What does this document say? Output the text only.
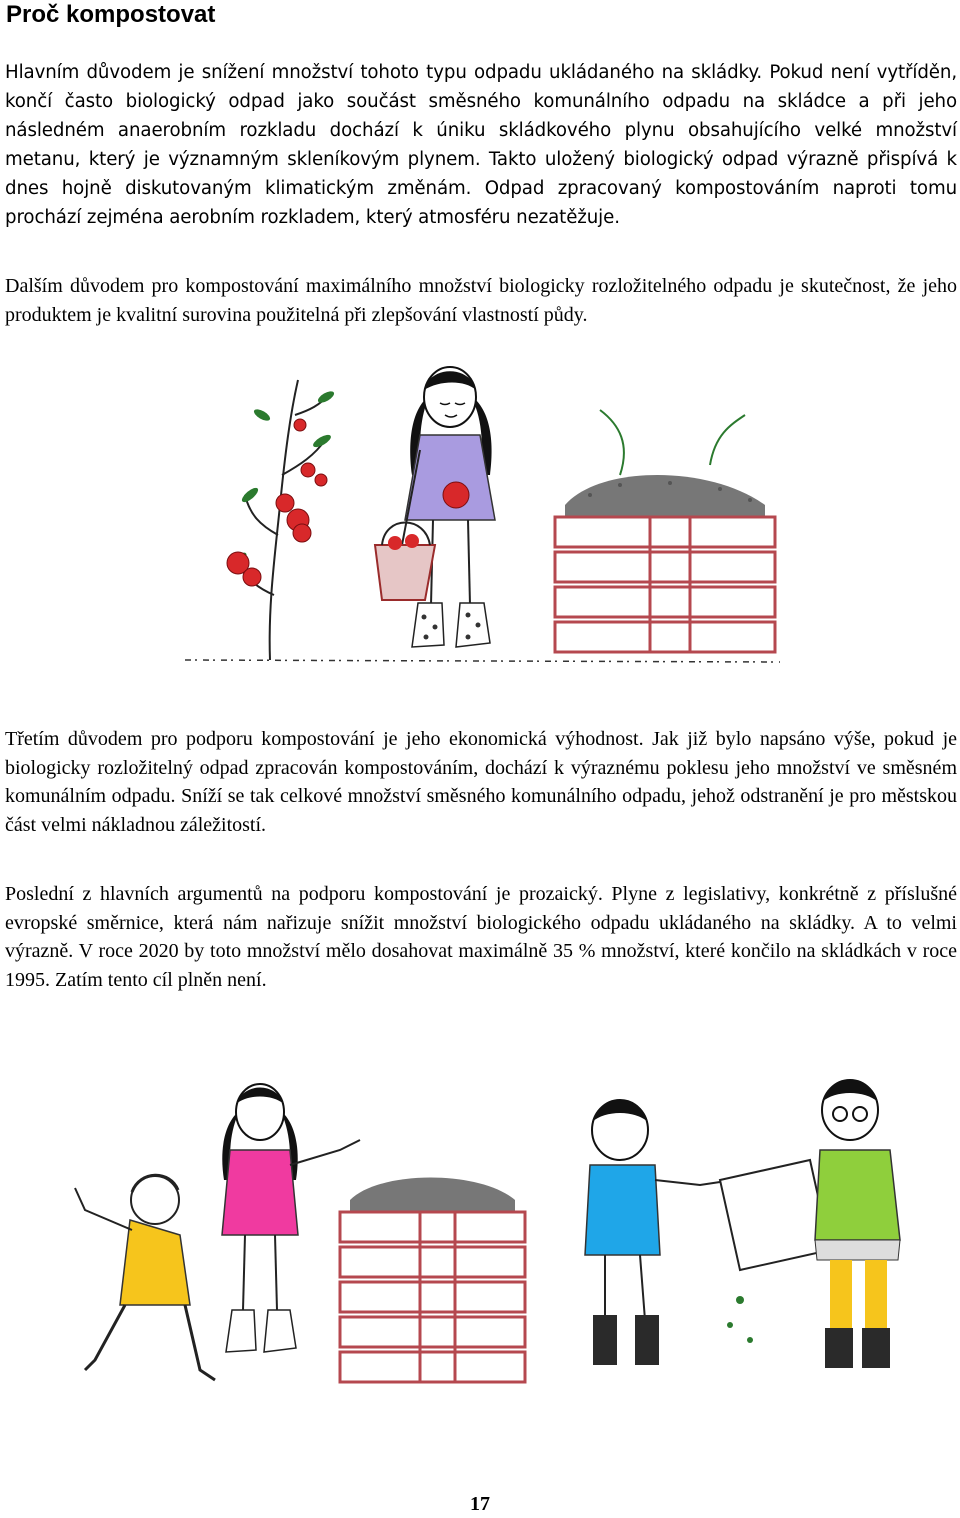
Proč kompostovat

Hlavním důvodem je snížení množství tohoto typu odpadu ukládaného na skládky. Pokud není vytříděn, končí často biologický odpad jako součást směsného komunálního odpadu na skládce a při jeho následném anaerobním rozkladu dochází k úniku skládkového plynu obsahujícího velké množství metanu, který je významným skleníkovým plynem. Takto uložený biologický odpad výrazně přispívá k dnes hojně diskutovaným klimatickým změnám. Odpad zpracovaný kompostováním naproti tomu prochází zejména aerobním rozkladem, který atmosféru nezatěžuje.

Dalším důvodem pro kompostování maximálního množství biologicky rozložitelného odpadu je skutečnost, že jeho produktem je kvalitní surovina použitelná při zlepšování vlastností půdy.

Třetím důvodem pro podporu kompostování je jeho ekonomická výhodnost. Jak již bylo napsáno výše, pokud je biologicky rozložitelný odpad zpracován kompostováním, dochází k výraznému poklesu jeho množství ve směsném komunálním odpadu. Sníží se tak celkové množství směsného komunálního odpadu, jehož odstranění je pro městskou část velmi nákladnou záležitostí.

Poslední z hlavních argumentů na podporu kompostování je prozaický. Plyne z legislativy, konkrétně z příslušné evropské směrnice, která nám nařizuje snížit množství biologického odpadu ukládaného na skládky. A to velmi výrazně. V roce 2020 by toto množství mělo dosahovat maximálně 35 % množství, které končilo na skládkách v roce 1995. Zatím tento cíl plněn není.

17
